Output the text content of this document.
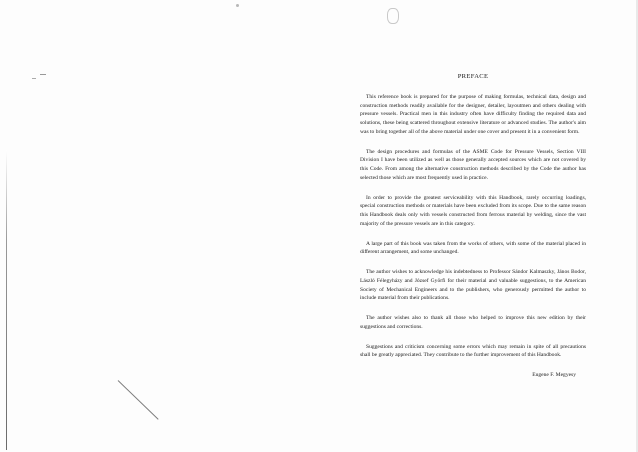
PREFACE

This reference book is prepared for the purpose of making formulas, technical data, design and construction methods readily available for the designer, detailer, layoutmen and others dealing with pressure vessels. Practical men in this industry often have difficulty finding the required data and solutions, these being scattered throughout extensive literature or advanced studies. The author's aim was to bring together all of the above material under one cover and present it in a convenient form.

The design procedures and formulas of the ASME Code for Pressure Vessels, Section VIII Division I have been utilized as well as those generally accepted sources which are not covered by this Code. From among the alternative construction methods described by the Code the author has selected those which are most frequently used in practice.

In order to provide the greatest serviceability with this Handbook, rarely occurring loadings, special construction methods or materials have been excluded from its scope. Due to the same reason this Handbook deals only with vessels constructed from ferrous material by welding, since the vast majority of the pressure vessels are in this category.

A large part of this book was taken from the works of others, with some of the material placed in different arrangement, and some unchanged.

The author wishes to acknowledge his indebtedness to Professor Sándor Kalmaszky, János Bodor, László Félegyházy and József Györfi for their material and valuable suggestions, to the American Society of Mechanical Engineers and to the publishers, who generously permitted the author to include material from their publications.

The author wishes also to thank all those who helped to improve this new edition by their suggestions and corrections.

Suggestions and criticism concerning some errors which may remain in spite of all precautions shall be greatly appreciated. They contribute to the further improvement of this Handbook.

Eugene F. Megyesy
